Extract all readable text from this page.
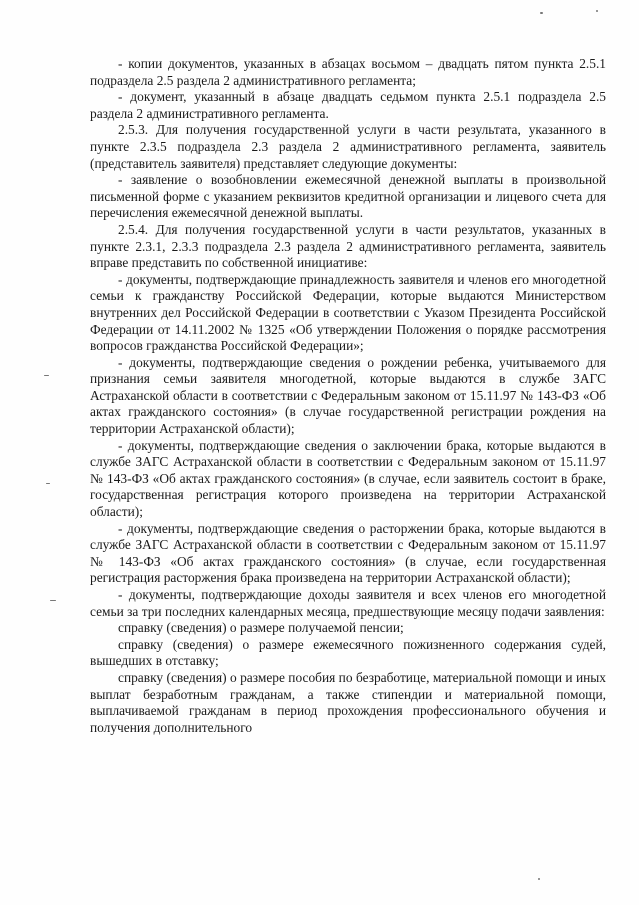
- копии документов, указанных в абзацах восьмом – двадцать пятом пункта 2.5.1 подраздела 2.5 раздела 2 административного регламента;

- документ, указанный в абзаце двадцать седьмом пункта 2.5.1 подраздела 2.5 раздела 2 административного регламента.

2.5.3. Для получения государственной услуги в части результата, указанного в пункте 2.3.5 подраздела 2.3 раздела 2 административного регламента, заявитель (представитель заявителя) представляет следующие документы:

- заявление о возобновлении ежемесячной денежной выплаты в произвольной письменной форме с указанием реквизитов кредитной организации и лицевого счета для перечисления ежемесячной денежной выплаты.

2.5.4. Для получения государственной услуги в части результатов, указанных в пункте 2.3.1, 2.3.3 подраздела 2.3 раздела 2 административного регламента, заявитель вправе представить по собственной инициативе:

- документы, подтверждающие принадлежность заявителя и членов его многодетной семьи к гражданству Российской Федерации, которые выдаются Министерством внутренних дел Российской Федерации в соответствии с Указом Президента Российской Федерации от 14.11.2002 № 1325 «Об утверждении Положения о порядке рассмотрения вопросов гражданства Российской Федерации»;

- документы, подтверждающие сведения о рождении ребенка, учитываемого для признания семьи заявителя многодетной, которые выдаются в службе ЗАГС Астраханской области в соответствии с Федеральным законом от 15.11.97 № 143-ФЗ «Об актах гражданского состояния» (в случае государственной регистрации рождения на территории Астраханской области);

- документы, подтверждающие сведения о заключении брака, которые выдаются в службе ЗАГС Астраханской области в соответствии с Федеральным законом от 15.11.97 № 143-ФЗ «Об актах гражданского состояния» (в случае, если заявитель состоит в браке, государственная регистрация которого произведена на территории Астраханской области);

- документы, подтверждающие сведения о расторжении брака, которые выдаются в службе ЗАГС Астраханской области в соответствии с Федеральным законом от 15.11.97 № 143-ФЗ «Об актах гражданского состояния» (в случае, если государственная регистрация расторжения брака произведена на территории Астраханской области);

- документы, подтверждающие доходы заявителя и всех членов его многодетной семьи за три последних календарных месяца, предшествующие месяцу подачи заявления:

справку (сведения) о размере получаемой пенсии;

справку (сведения) о размере ежемесячного пожизненного содержания судей, вышедших в отставку;

справку (сведения) о размере пособия по безработице, материальной помощи и иных выплат безработным гражданам, а также стипендии и материальной помощи, выплачиваемой гражданам в период прохождения профессионального обучения и получения дополнительного
